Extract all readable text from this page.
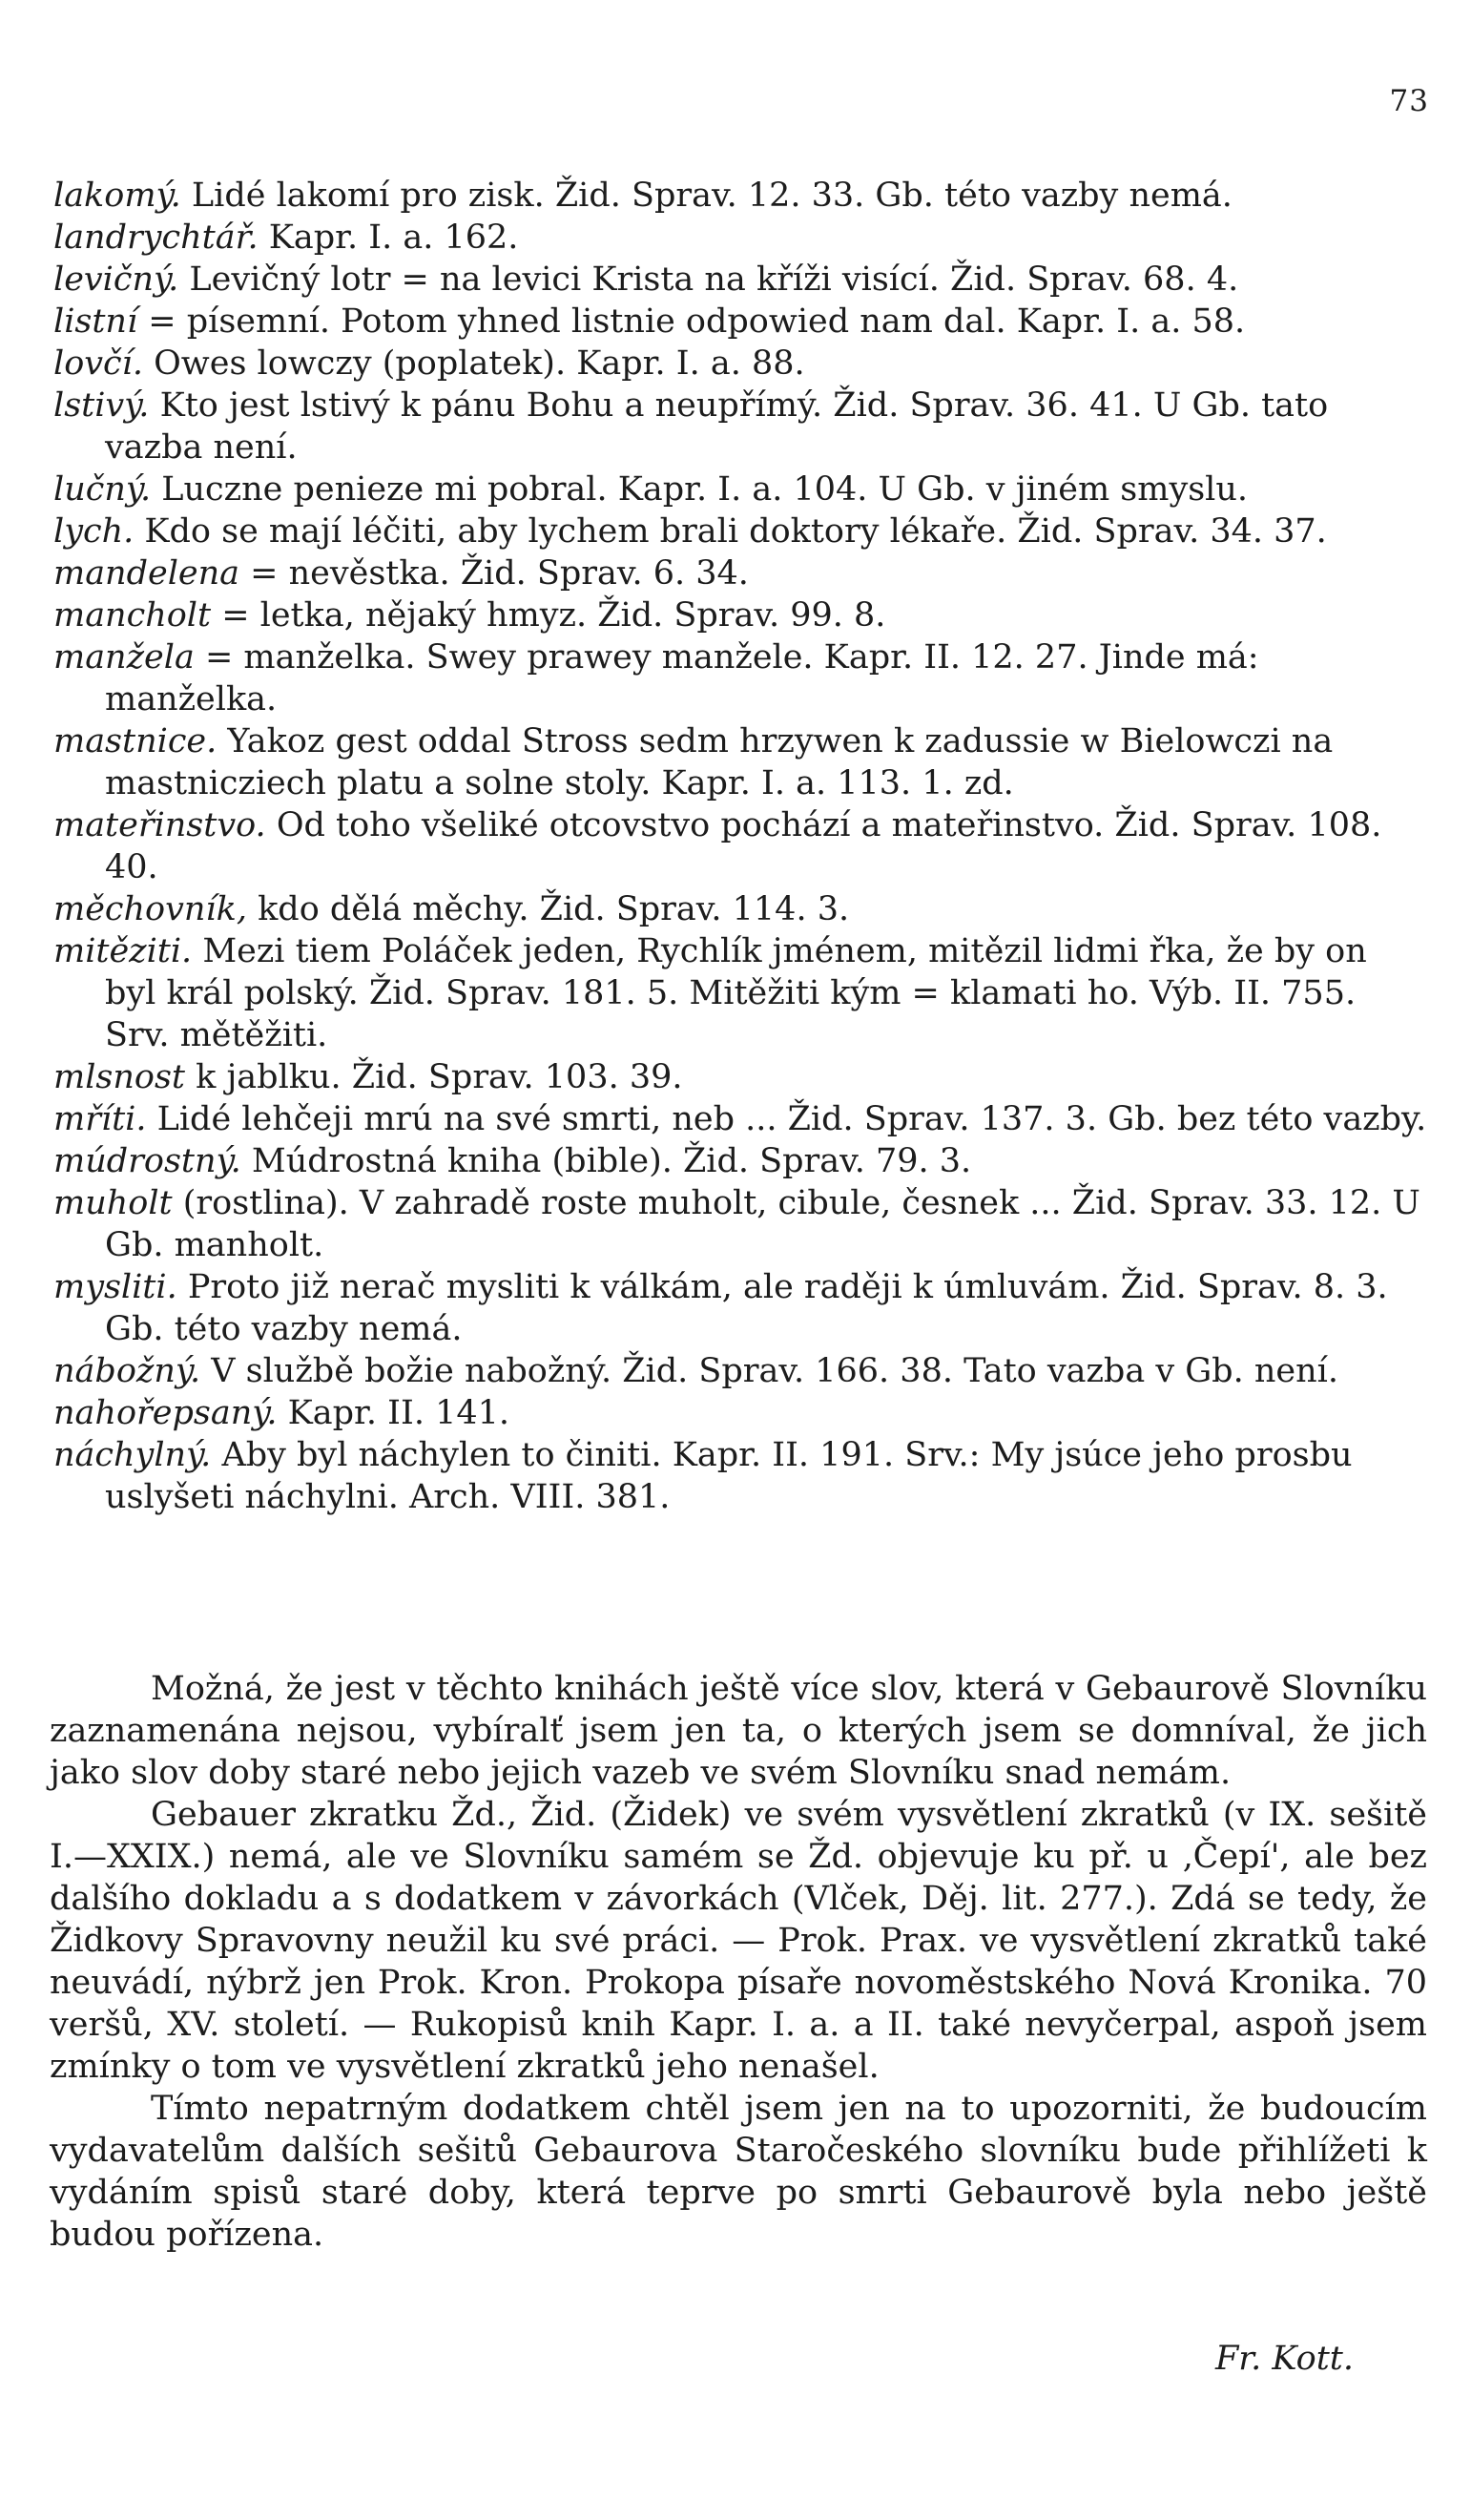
73
lakomý. Lidé lakomí pro zisk. Žid. Sprav. 12. 33. Gb. této vazby nemá.
landrychtář. Kapr. I. a. 162.
levičný. Levičný lotr = na levici Krista na kříži visící. Žid. Sprav. 68. 4.
listní = písemní. Potom yhned listnie odpowied nam dal. Kapr. I. a. 58.
lovčí. Owes lowczy (poplatek). Kapr. I. a. 88.
lstivý. Kto jest lstivý k pánu Bohu a neupřímý. Žid. Sprav. 36. 41. U Gb. tato vazba není.
lučný. Luczne penieze mi pobral. Kapr. I. a. 104. U Gb. v jiném smyslu.
lych. Kdo se mají léčiti, aby lychem brali doktory lékaře. Žid. Sprav. 34. 37.
mandelena = nevěstka. Žid. Sprav. 6. 34.
mancholt = letka, nějaký hmyz. Žid. Sprav. 99. 8.
manžela = manželka. Swey prawey manžele. Kapr. II. 12. 27. Jinde má: manželka.
mastnice. Yakoz gest oddal Stross sedm hrzywen k zadussie w Bielowczi na mastnicziech platu a solne stoly. Kapr. I. a. 113. 1. zd.
mateřinstvo. Od toho všeliké otcovstvo pochází a mateřinstvo. Žid. Sprav. 108. 40.
měchovník, kdo dělá měchy. Žid. Sprav. 114. 3.
mitěziti. Mezi tiem Poláček jeden, Rychlík jménem, mitězil lidmi řka, že by on byl král polský. Žid. Sprav. 181. 5. Mitěžiti kým = klamati ho. Výb. II. 755. Srv. mětěžiti.
mlsnost k jablku. Žid. Sprav. 103. 39.
mříti. Lidé lehčeji mrú na své smrti, neb ... Žid. Sprav. 137. 3. Gb. bez této vazby.
múdrostný. Múdrostná kniha (bible). Žid. Sprav. 79. 3.
muholt (rostlina). V zahradě roste muholt, cibule, česnek ... Žid. Sprav. 33. 12. U Gb. manholt.
mysliti. Proto již nerač mysliti k válkám, ale raději k úmluvám. Žid. Sprav. 8. 3. Gb. této vazby nemá.
nábožný. V službě božie nabožný. Žid. Sprav. 166. 38. Tato vazba v Gb. není.
nahořepsaný. Kapr. II. 141.
náchylný. Aby byl náchylen to činiti. Kapr. II. 191. Srv.: My jsúce jeho prosbu uslyšeti náchylni. Arch. VIII. 381.
Možná, že jest v těchto knihách ještě více slov, která v Gebaurově Slovníku zaznamenána nejsou, vybíralť jsem jen ta, o kterých jsem se domníval, že jich jako slov doby staré nebo jejich vazeb ve svém Slovníku snad nemám.
Gebauer zkratku Žd., Žid. (Židek) ve svém vysvětlení zkratků (v IX. sešitě I.—XXIX.) nemá, ale ve Slovníku samém se Žd. objevuje ku př. u ‚Čepí', ale bez dalšího dokladu a s dodatkem v závorkách (Vlček, Děj. lit. 277.). Zdá se tedy, že Židkovy Spravovny neužil ku své práci. — Prok. Prax. ve vysvětlení zkratků také neuvádí, nýbrž jen Prok. Kron. Prokopa písaře novoměstského Nová Kronika. 70 veršů, XV. století. — Rukopisů knih Kapr. I. a. a II. také nevyčerpal, aspoň jsem zmínky o tom ve vysvětlení zkratků jeho nenašel.
Tímto nepatrným dodatkem chtěl jsem jen na to upozorniti, že budoucím vydavatelům dalších sešitů Gebaurova Staročeského slovníku bude přihlížeti k vydáním spisů staré doby, která teprve po smrti Gebaurově byla nebo ještě budou pořízena.
Fr. Kott.
